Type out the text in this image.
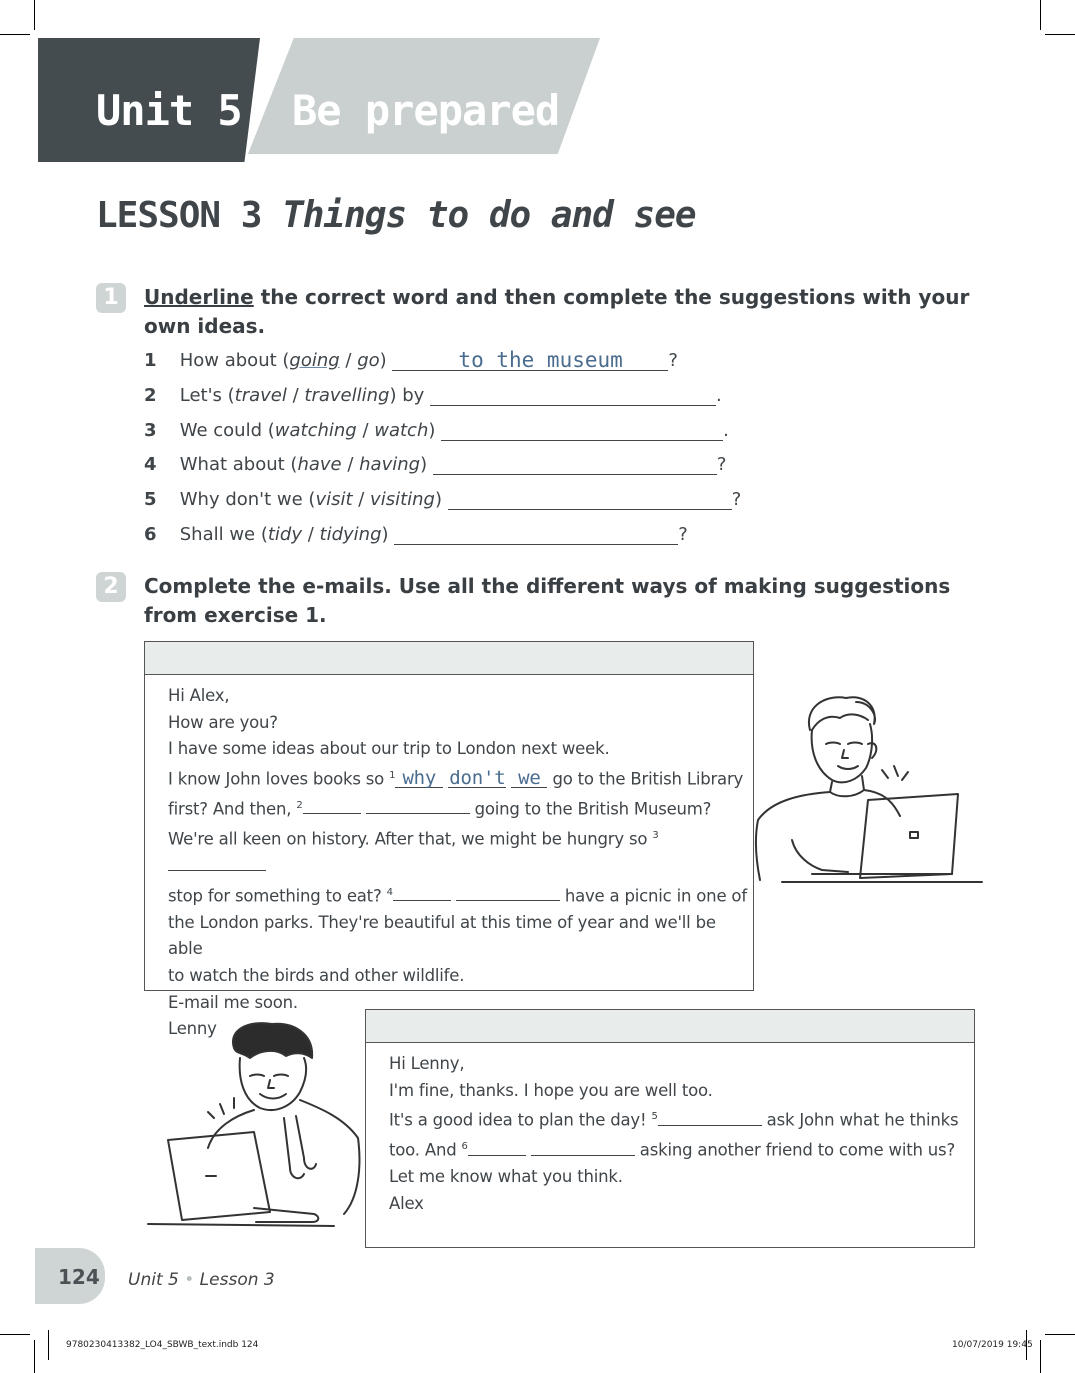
Unit 5 Be prepared
LESSON 3 Things to do and see
1	Underline the correct word and then complete the suggestions with your own ideas.
1 How about (going / go)	to the museum	?
2 Let's (travel / travelling) by	.
3 We could (watching / watch)	.
4 What about (have / having)	?
5 Why don't we (visit / visiting)	?
6 Shall we (tidy / tidying)	?
2	Complete the e-mails. Use all the different ways of making suggestions
from exercise 1.
Hi Alex,
How are you?
I have some ideas about our trip to London next week.
I know John loves books so $^1$ why don't we go to the British Library
first? And then, $^2$	going to the British Museum?
We're all keen on history. After that, we might be hungry so $^3$
stop for something to eat? $^4$	have a picnic in one of
the London parks. They're beautiful at this time of year and we'll be able
to watch the birds and other wildlife.
E-mail me soon.
Lenny
Hi Lenny,
I'm fine, thanks. I hope you are well too.
It's a good idea to plan the day! $^5$	ask John what he thinks
too. And $^6$	asking another friend to come with us?
Let me know what you think.
Alex
124 Unit 5 • Lesson 3
9780230413382_LO4_SBWB_text.indb 124	10/07/2019 19:45
